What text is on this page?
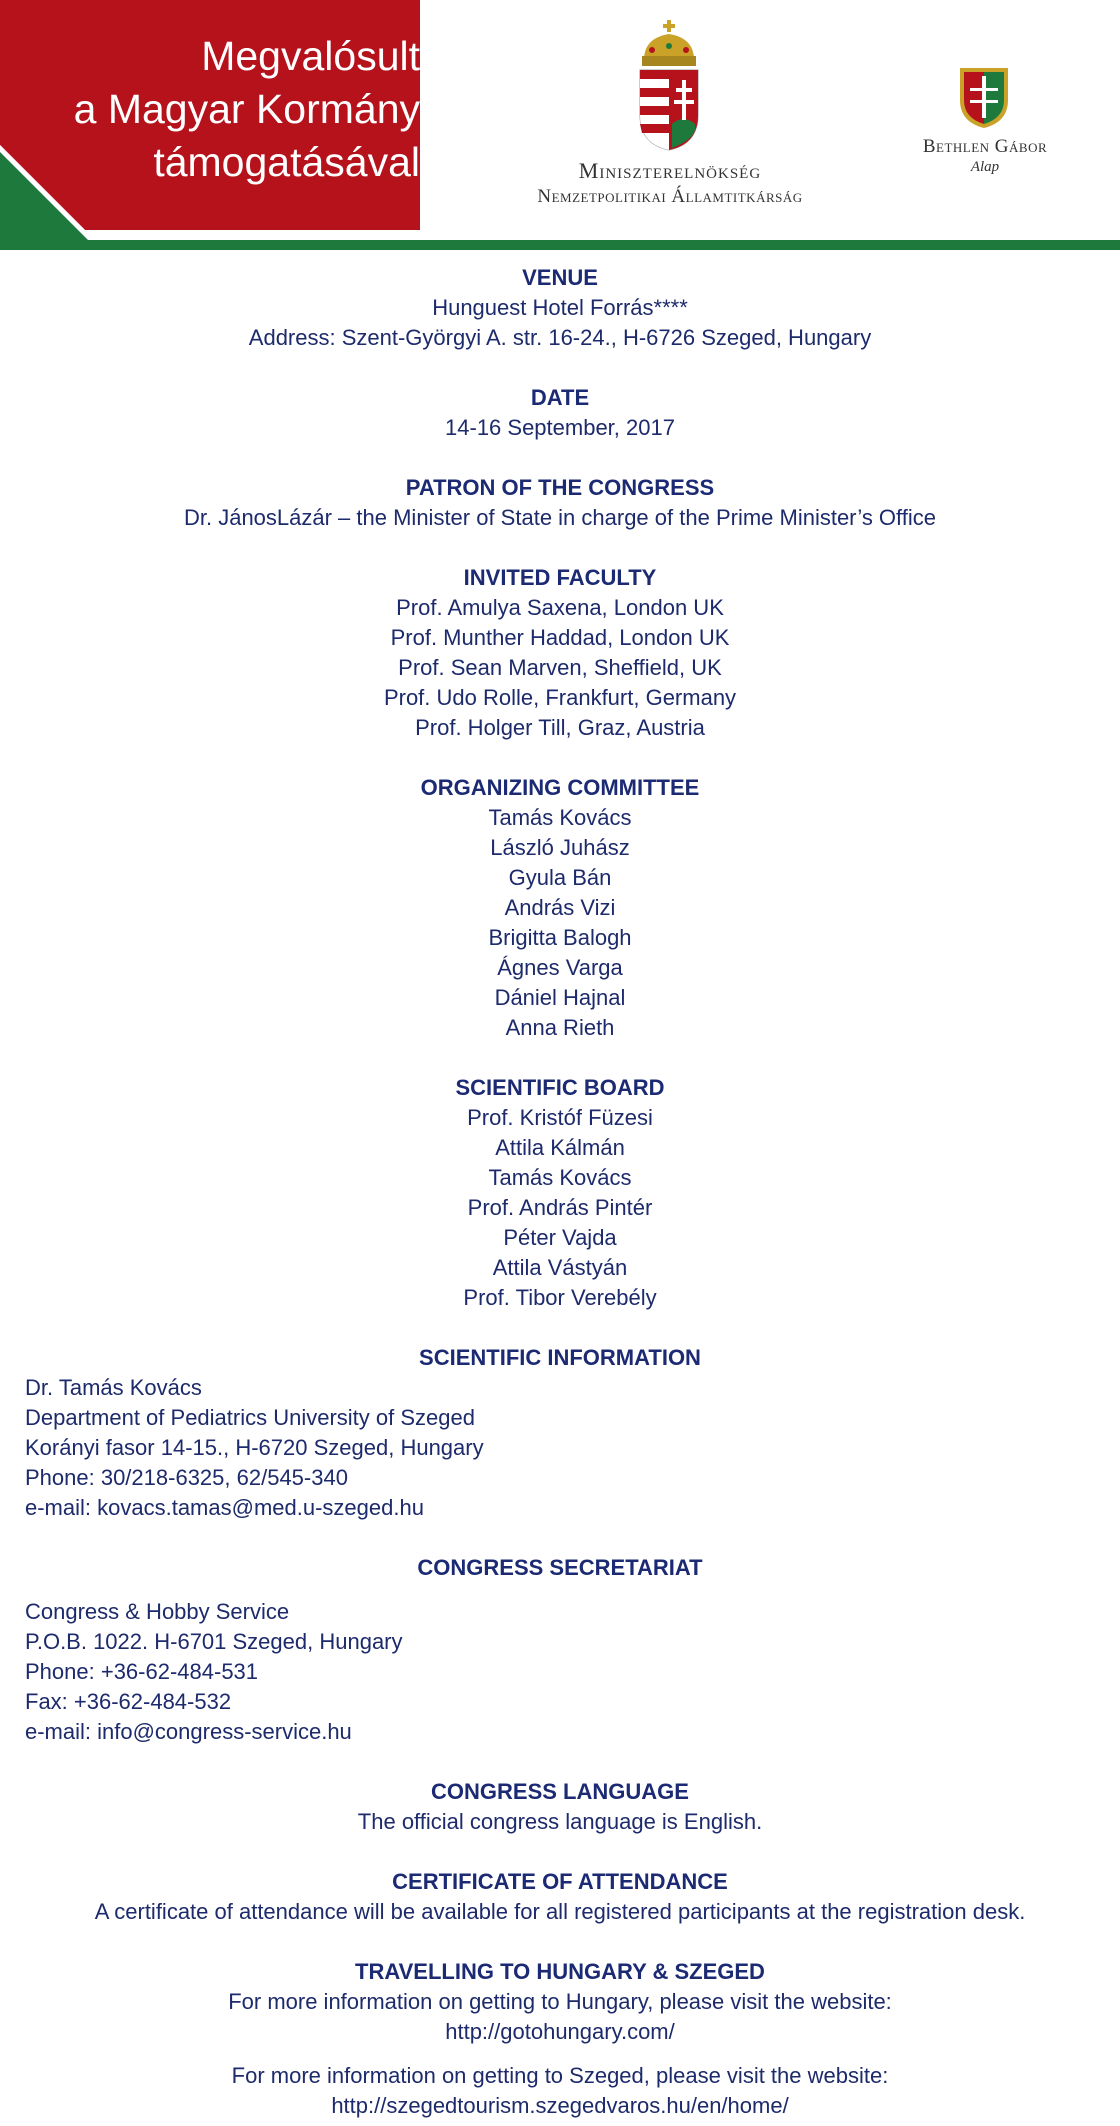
Megvalósult
a Magyar Kormány
támogatásával	Miniszterelnökség
Nemzetpolitikai Államtitkárság
Bethlen Gábor
Alap
VENUE
Hunguest Hotel Forrás****
Address: Szent-Györgyi A. str. 16-24., H-6726 Szeged, Hungary
DATE
14-16 September, 2017
PATRON OF THE CONGRESS
Dr. JánosLázár – the Minister of State in charge of the Prime Minister’s Office
INVITED FACULTY
Prof. Amulya Saxena, London UK
Prof. Munther Haddad, London UK
Prof. Sean Marven, Sheffield, UK
Prof. Udo Rolle, Frankfurt, Germany
Prof. Holger Till, Graz, Austria
ORGANIZING COMMITTEE
Tamás Kovács
László Juhász
Gyula Bán
András Vizi
Brigitta Balogh
Ágnes Varga
Dániel Hajnal
Anna Rieth
SCIENTIFIC BOARD
Prof. Kristóf Füzesi
Attila Kálmán
Tamás Kovács
Prof. András Pintér
Péter Vajda
Attila Vástyán
Prof. Tibor Verebély
SCIENTIFIC INFORMATION
Dr. Tamás Kovács
Department of Pediatrics University of Szeged
Korányi fasor 14-15., H-6720 Szeged, Hungary
Phone: 30/218-6325, 62/545-340
e-mail: kovacs.tamas@med.u-szeged.hu
CONGRESS SECRETARIAT
Congress & Hobby Service
P.O.B. 1022. H-6701 Szeged, Hungary
Phone: +36-62-484-531
Fax: +36-62-484-532
e-mail: info@congress-service.hu
CONGRESS LANGUAGE
The official congress language is English.
CERTIFICATE OF ATTENDANCE
A certificate of attendance will be available for all registered participants at the registration desk.
TRAVELLING TO HUNGARY & SZEGED
For more information on getting to Hungary, please visit the website:
http://gotohungary.com/
For more information on getting to Szeged, please visit the website:
http://szegedtourism.szegedvaros.hu/en/home/
